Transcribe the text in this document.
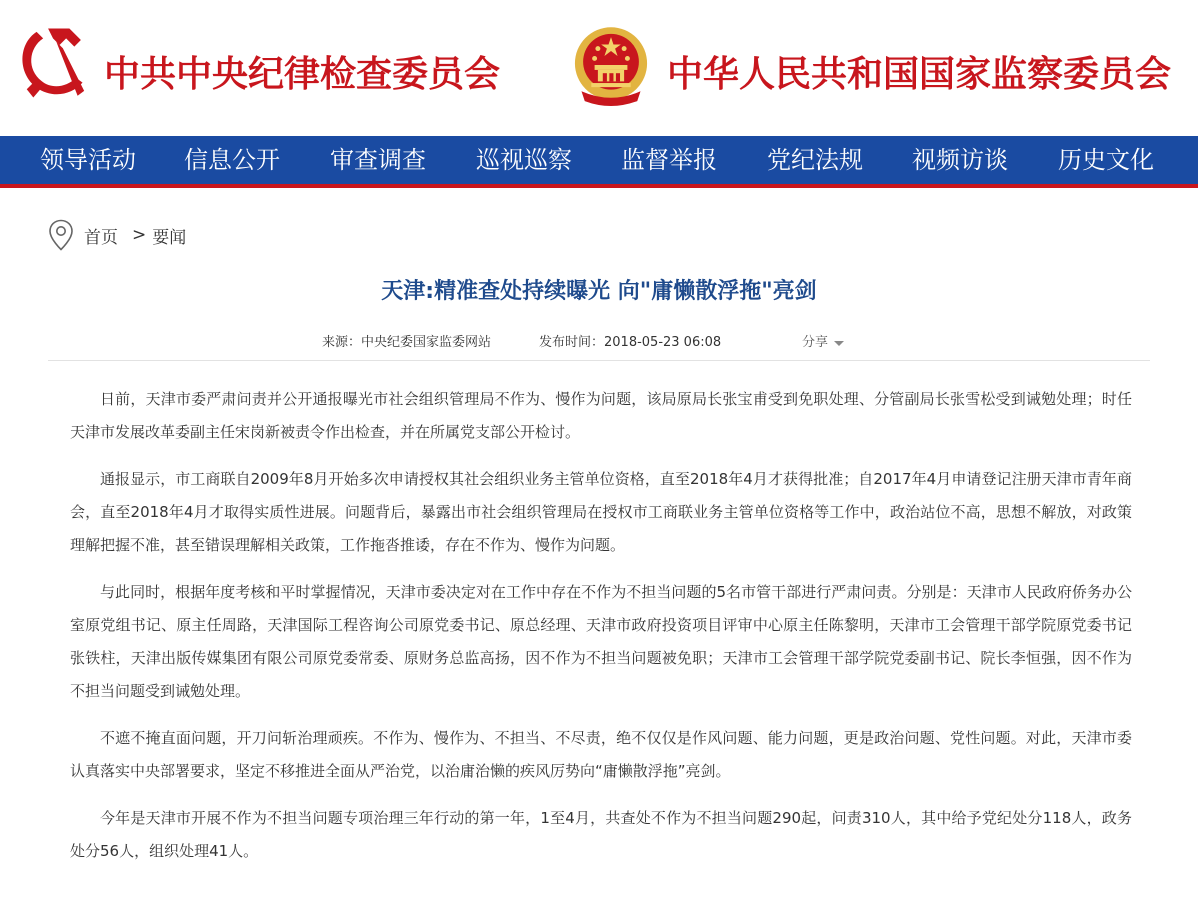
中共中央纪律检查委员会	中华人民共和国国家监察委员会
领导活动 信息公开 审查调查 巡视巡察 监督举报 党纪法规 视频访谈 历史文化
首页 > 要闻
天津:精准查处持续曝光 向"庸懒散浮拖"亮剑
来源：中央纪委国家监委网站	发布时间：2018-05-23 06:08	分享

日前，天津市委严肃问责并公开通报曝光市社会组织管理局不作为、慢作为问题，该局原局长张宝甫受到免职处理、分管副局长张雪松受到诫勉处理；时任天津市发展改革委副主任宋岗新被责令作出检查，并在所属党支部公开检讨。

通报显示，市工商联自2009年8月开始多次申请授权其社会组织业务主管单位资格，直至2018年4月才获得批准；自2017年4月申请登记注册天津市青年商会，直至2018年4月才取得实质性进展。问题背后，暴露出市社会组织管理局在授权市工商联业务主管单位资格等工作中，政治站位不高，思想不解放，对政策理解把握不准，甚至错误理解相关政策，工作拖沓推诿，存在不作为、慢作为问题。

与此同时，根据年度考核和平时掌握情况，天津市委决定对在工作中存在不作为不担当问题的5名市管干部进行严肃问责。分别是：天津市人民政府侨务办公室原党组书记、原主任周路，天津国际工程咨询公司原党委书记、原总经理、天津市政府投资项目评审中心原主任陈黎明，天津市工会管理干部学院原党委书记张铁柱，天津出版传媒集团有限公司原党委常委、原财务总监高扬，因不作为不担当问题被免职；天津市工会管理干部学院党委副书记、院长李恒强，因不作为不担当问题受到诫勉处理。

不遮不掩直面问题，开刀问斩治理顽疾。不作为、慢作为、不担当、不尽责，绝不仅仅是作风问题、能力问题，更是政治问题、党性问题。对此，天津市委认真落实中央部署要求，坚定不移推进全面从严治党，以治庸治懒的疾风厉势向“庸懒散浮拖”亮剑。

今年是天津市开展不作为不担当问题专项治理三年行动的第一年，1至4月，共查处不作为不担当问题290起，问责310人，其中给予党纪处分118人，政务处分56人，组织处理41人。
